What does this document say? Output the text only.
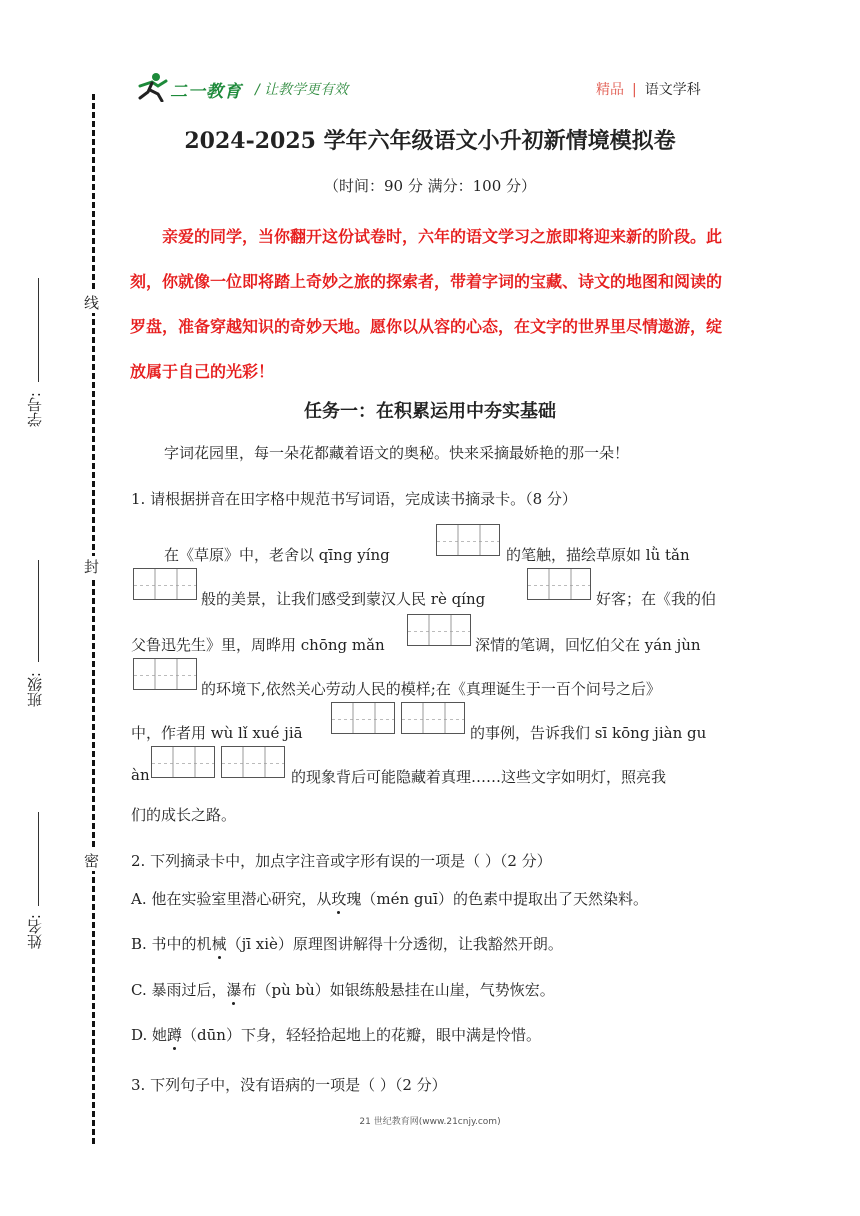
二一教育 / 让教学更有效	精品 | 语文学科
线
封
密
学号:
班级:
姓名:
2024-2025 学年六年级语文小升初新情境模拟卷
（时间：90 分 满分：100 分）
亲爱的同学，当你翻开这份试卷时，六年的语文学习之旅即将迎来新的阶段。此刻，你就像一位即将踏上奇妙之旅的探索者，带着字词的宝藏、诗文的地图和阅读的罗盘，准备穿越知识的奇妙天地。愿你以从容的心态，在文字的世界里尽情遨游，绽放属于自己的光彩！
任务一：在积累运用中夯实基础
字词花园里，每一朵花都藏着语文的奥秘。快来采摘最娇艳的那一朵！
1. 请根据拼音在田字格中规范书写词语，完成读书摘录卡。（8 分）
在《草原》中，老舍以 qīng yíng	的笔触，描绘草原如 lǜ tǎn
般的美景，让我们感受到蒙汉人民 rè qíng	好客；在《我的伯
父鲁迅先生》里，周晔用 chōng mǎn	深情的笔调，回忆伯父在 yán jùn
的环境下,依然关心劳动人民的模样;在《真理诞生于一百个问号之后》
中，作者用 wù lǐ xué jiā	的事例，告诉我们 sī kōng jiàn gu
àn	的现象背后可能隐藏着真理……这些文字如明灯，照亮我
们的成长之路。
2. 下列摘录卡中，加点字注音或字形有误的一项是（ ）（2 分）
A. 他在实验室里潜心研究，从玫瑰（mén guī）的色素中提取出了天然染料。
B. 书中的机械（jī xiè）原理图讲解得十分透彻，让我豁然开朗。
C. 暴雨过后，瀑布（pù bù）如银练般悬挂在山崖，气势恢宏。
D. 她蹲（dūn）下身，轻轻拾起地上的花瓣，眼中满是怜惜。
3. 下列句子中，没有语病的一项是（ ）（2 分）
21 世纪教育网(www.21cnjy.com)
